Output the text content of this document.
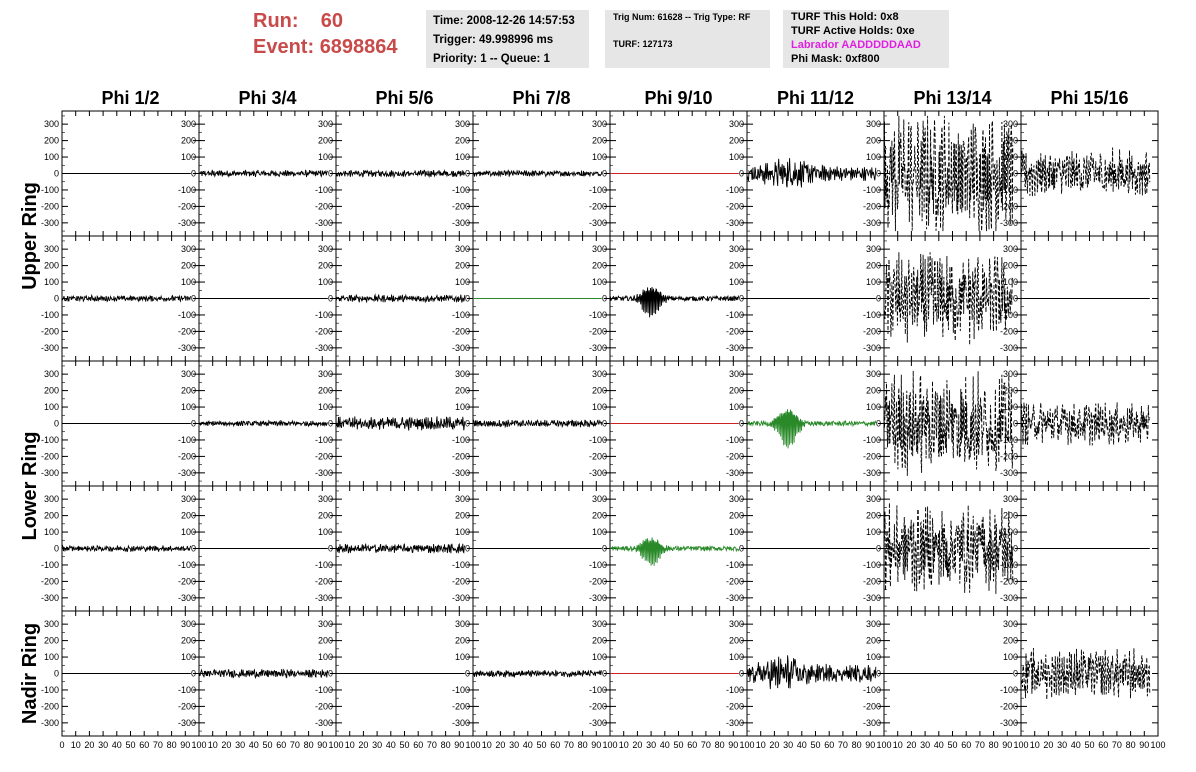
Run: 60
Event: 6898864
Time: 2008-12-26 14:57:53
Trigger: 49.998996 ms
Priority: 1 -- Queue: 1
Trig Num: 61628 -- Trig Type: RF
TURF: 127173
TURF This Hold: 0x8
TURF Active Holds: 0xe
Labrador AADDDDDAAD
Phi Mask: 0xf800
Phi 1/2	Phi 3/4	Phi 5/6	Phi 7/8	Phi 9/10	Phi 11/12	Phi 13/14	Phi 15/16
Upper Ring
Lower Ring
Nadir Ring
-300
-200
-100
0
100
200
300
-300
-200
-100
0
100
200
300
-300
-200
-100
0
100
200
300
-300
-200
-100
0
100
200
300
-300
-200
-100
0
100
200
300
-300
-200
-100
0
100
200
300
-300
-200
-100
0
100
200
300
-300
-200
-100
0
100
200
300
-300
-200
-100
0
100
200
300
-300
-200
-100
0
100
200
300
-300
-200
-100
0
100
200
300
-300
-200
-100
0
100
200
300
-300
-200
-100
0
100
200
300
-300
-200
-100
0
100
200
300
-300
-200
-100
0
100
200
300
-300
-200
-100
0
100
200
300
-300
-200
-100
0
100
200
300
-300
-200
-100
0
100
200
300
-300
-200
-100
0
100
200
300
-300
-200
-100
0
100
200
300
-300
-200
-100
0
100
200
300
-300
-200
-100
0
100
200
300
-300
-200
-100
0
100
200
300
-300
-200
-100
0
100
200
300
-300
-200
-100
0
100
200
300
-300
-200
-100
0
100
200
300
-300
-200
-100
0
100
200
300
-300
-200
-100
0
100
200
300
-300
-200
-100
0
100
200
300
-300
-200
-100
0
100
200
300
-300
-200
-100
0
100
200
300
-300
-200
-100
0
100
200
300
-300
-200
-100
0
100
200
300
-300
-200
-100
0
100
200
300
-300
-200
-100
0
100
200
300
-300
-200
-100
0
100
200
300
-300
-200
-100
0
100
200
300
-300
-200
-100
0
100
200
300
-300
-200
-100
0
100
200
300
-300
-200
-100
0
100
200
300
0 10 20 30 40 50 60 70 80 90 100 10 20 30 40 50 60 70 80 90 100 10 20 30 40 50 60 70 80 90 100 10 20 30 40 50 60 70 80 90 100 10 20 30 40 50 60 70 80 90 100 10 20 30 40 50 60 70 80 90 100 10 20 30 40 50 60 70 80 90 100 10 20 30 40 50 60 70 80 90 100
